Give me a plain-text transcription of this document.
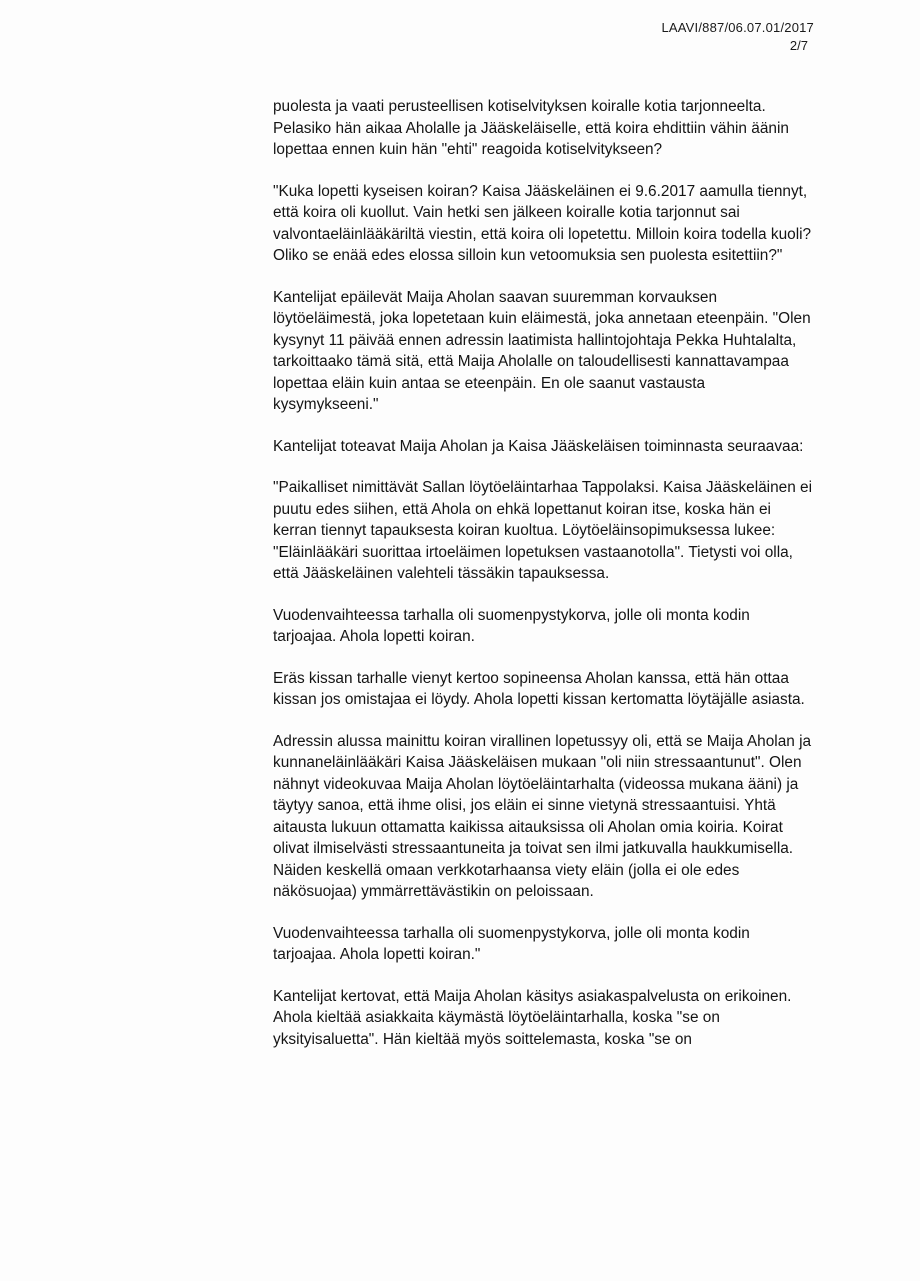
LAAVI/887/06.07.01/2017
2/7

puolesta ja vaati perusteellisen kotiselvityksen koiralle kotia tarjonneelta. Pelasiko hän aikaa Aholalle ja Jääskeläiselle, että koira ehdittiin vähin äänin lopettaa ennen kuin hän "ehti" reagoida kotiselvitykseen?

"Kuka lopetti kyseisen koiran? Kaisa Jääskeläinen ei 9.6.2017 aamulla tiennyt, että koira oli kuollut. Vain hetki sen jälkeen koiralle kotia tarjonnut sai valvontaeläinlääkäriltä viestin, että koira oli lopetettu. Milloin koira todella kuoli? Oliko se enää edes elossa silloin kun vetoomuksia sen puolesta esitettiin?"

Kantelijat epäilevät Maija Aholan saavan suuremman korvauksen löytöeläimestä, joka lopetetaan kuin eläimestä, joka annetaan eteenpäin. "Olen kysynyt 11 päivää ennen adressin laatimista hallintojohtaja Pekka Huhtalalta, tarkoittaako tämä sitä, että Maija Aholalle on taloudellisesti kannattavampaa lopettaa eläin kuin antaa se eteenpäin. En ole saanut vastausta kysymykseeni."

Kantelijat toteavat Maija Aholan ja Kaisa Jääskeläisen toiminnasta seuraavaa:

"Paikalliset nimittävät Sallan löytöeläintarhaa Tappolaksi. Kaisa Jääskeläinen ei puutu edes siihen, että Ahola on ehkä lopettanut koiran itse, koska hän ei kerran tiennyt tapauksesta koiran kuoltua. Löytöeläinsopimuksessa lukee: "Eläinlääkäri suorittaa irtoeläimen lopetuksen vastaanotolla". Tietysti voi olla, että Jääskeläinen valehteli tässäkin tapauksessa.

Vuodenvaihteessa tarhalla oli suomenpystykorva, jolle oli monta kodin tarjoajaa. Ahola lopetti koiran.

Eräs kissan tarhalle vienyt kertoo sopineensa Aholan kanssa, että hän ottaa kissan jos omistajaa ei löydy. Ahola lopetti kissan kertomatta löytäjälle asiasta.

Adressin alussa mainittu koiran virallinen lopetussyy oli, että se Maija Aholan ja kunnaneläinlääkäri Kaisa Jääskeläisen mukaan "oli niin stressaantunut". Olen nähnyt videokuvaa Maija Aholan löytöeläintarhalta (videossa mukana ääni) ja täytyy sanoa, että ihme olisi, jos eläin ei sinne vietynä stressaantuisi. Yhtä aitausta lukuun ottamatta kaikissa aitauksissa oli Aholan omia koiria. Koirat olivat ilmiselvästi stressaantuneita ja toivat sen ilmi jatkuvalla haukkumisella. Näiden keskellä omaan verkkotarhaansa viety eläin (jolla ei ole edes näkösuojaa) ymmärrettävästikin on peloissaan.

Vuodenvaihteessa tarhalla oli suomenpystykorva, jolle oli monta kodin tarjoajaa. Ahola lopetti koiran."

Kantelijat kertovat, että Maija Aholan käsitys asiakaspalvelusta on erikoinen. Ahola kieltää asiakkaita käymästä löytöeläintarhalla, koska "se on yksityisaluetta". Hän kieltää myös soittelemasta, koska "se on
